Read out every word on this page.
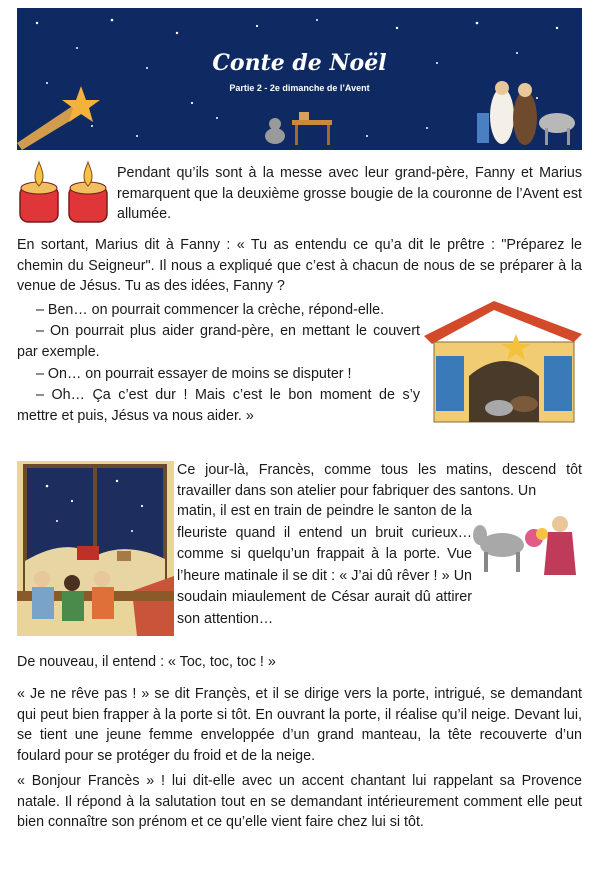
Conte de Noël
Partie 2 - 2e dimanche de l’Avent

Pendant qu’ils sont à la messe avec leur grand-père, Fanny et Marius remarquent que la deuxième grosse bougie de la couronne de l’Avent est allumée.

En sortant, Marius dit à Fanny : « Tu as entendu ce qu’a dit le prêtre : "Préparez le chemin du Seigneur". Il nous a expliqué que c’est à chacun de nous de se préparer à la venue de Jésus. Tu as des idées, Fanny ?

– Ben… on pourrait commencer la crèche, répond-elle.

– On pourrait plus aider grand-père, en mettant le couvert par exemple.

– On… on pourrait essayer de moins se disputer !

– Oh… Ça c’est dur ! Mais c’est le bon moment de s’y mettre et puis, Jésus va nous aider. »

Ce jour-là, Francès, comme tous les matins, descend tôt travailler dans son atelier pour fabriquer des santons. Un

matin, il est en train de peindre le santon de la fleuriste quand il entend un bruit curieux… comme si quelqu’un frappait à la porte. Vue l’heure matinale il se dit : « J’ai dû rêver ! » Un soudain miaulement de César aurait dû attirer son attention…

De nouveau, il entend : « Toc, toc, toc ! »

« Je ne rêve pas ! » se dit Françès, et il se dirige vers la porte, intrigué, se demandant qui peut bien frapper à la porte si tôt. En ouvrant la porte, il réalise qu’il neige. Devant lui, se tient une jeune femme enveloppée d’un grand manteau, la tête recouverte d’un foulard pour se protéger du froid et de la neige.

« Bonjour Francès » ! lui dit-elle avec un accent chantant lui rappelant sa Provence natale. Il répond à la salutation tout en se demandant intérieurement comment elle peut bien connaître son prénom et ce qu’elle vient faire chez lui si tôt.
